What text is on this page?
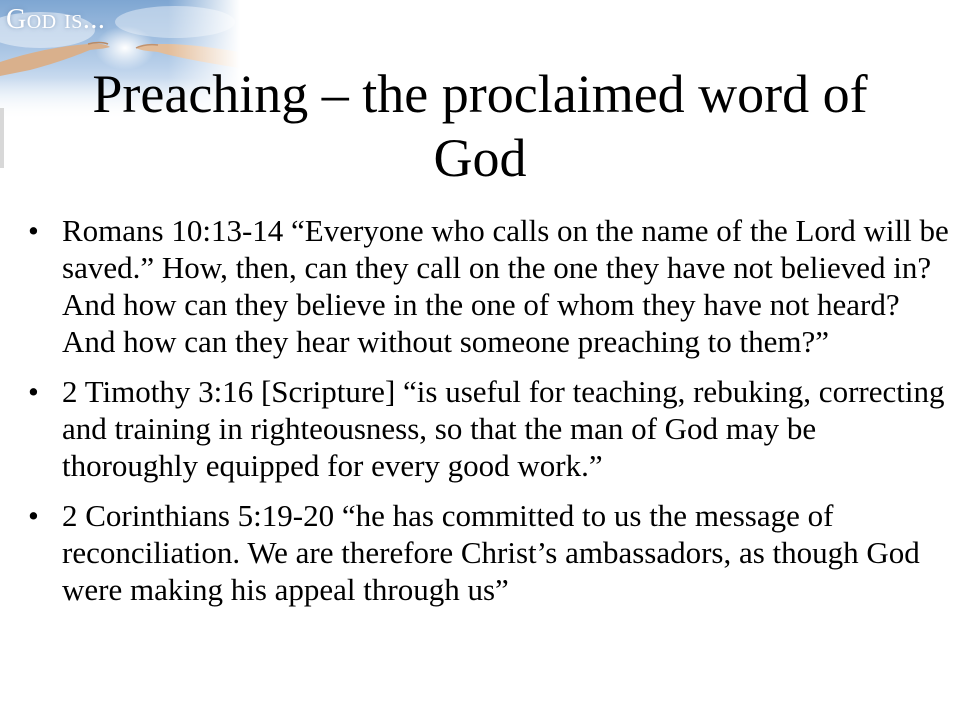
God is...
Preaching – the proclaimed word of God
• Romans 10:13-14 “Everyone who calls on the name of the Lord will be saved.” How, then, can they call on the one they have not believed in? And how can they believe in the one of whom they have not heard? And how can they hear without someone preaching to them?”
• 2 Timothy 3:16 [Scripture] “is useful for teaching, rebuking, correcting and training in righteousness, so that the man of God may be thoroughly equipped for every good work.”
• 2 Corinthians 5:19-20 “he has committed to us the message of reconciliation. We are therefore Christ’s ambassadors, as though God were making his appeal through us”
